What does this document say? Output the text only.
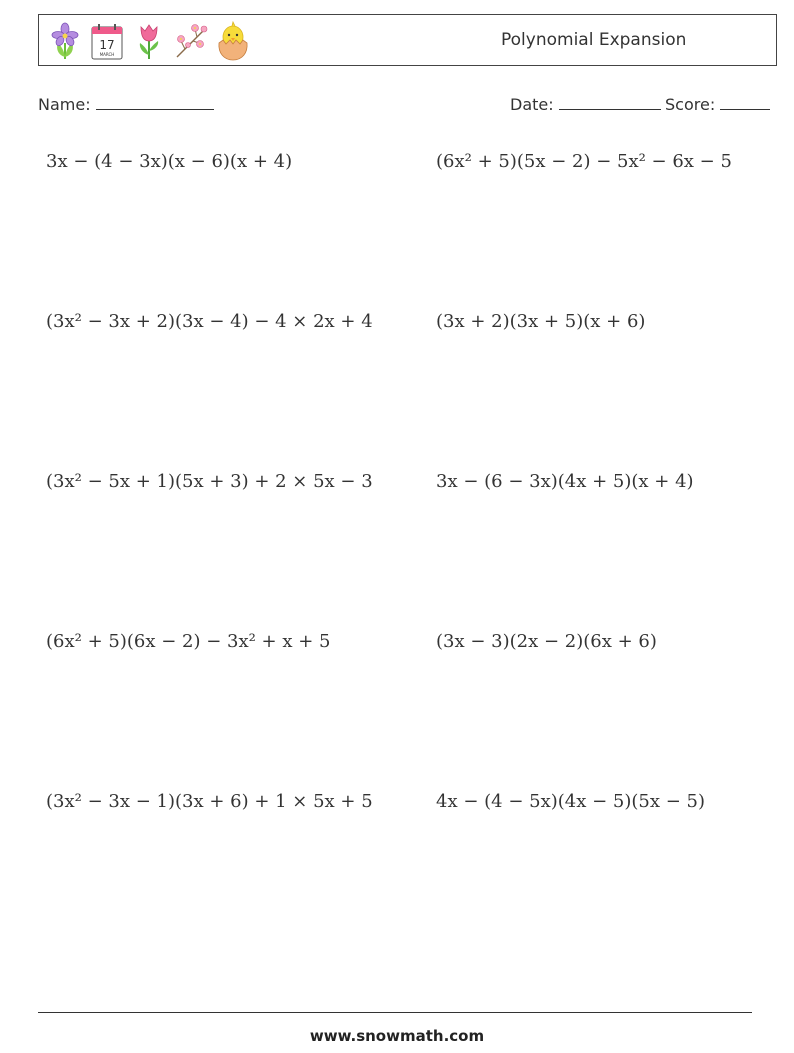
17
MARCH
Polynomial Expansion
Name:	Date:	Score:
3x − (4 − 3x)(x − 6)(x + 4)	(6x² + 5)(5x − 2) − 5x² − 6x − 5
(3x² − 3x + 2)(3x − 4) − 4 × 2x + 4	(3x + 2)(3x + 5)(x + 6)
(3x² − 5x + 1)(5x + 3) + 2 × 5x − 3	3x − (6 − 3x)(4x + 5)(x + 4)
(6x² + 5)(6x − 2) − 3x² + x + 5	(3x − 3)(2x − 2)(6x + 6)
(3x² − 3x − 1)(3x + 6) + 1 × 5x + 5	4x − (4 − 5x)(4x − 5)(5x − 5)
www.snowmath.com
